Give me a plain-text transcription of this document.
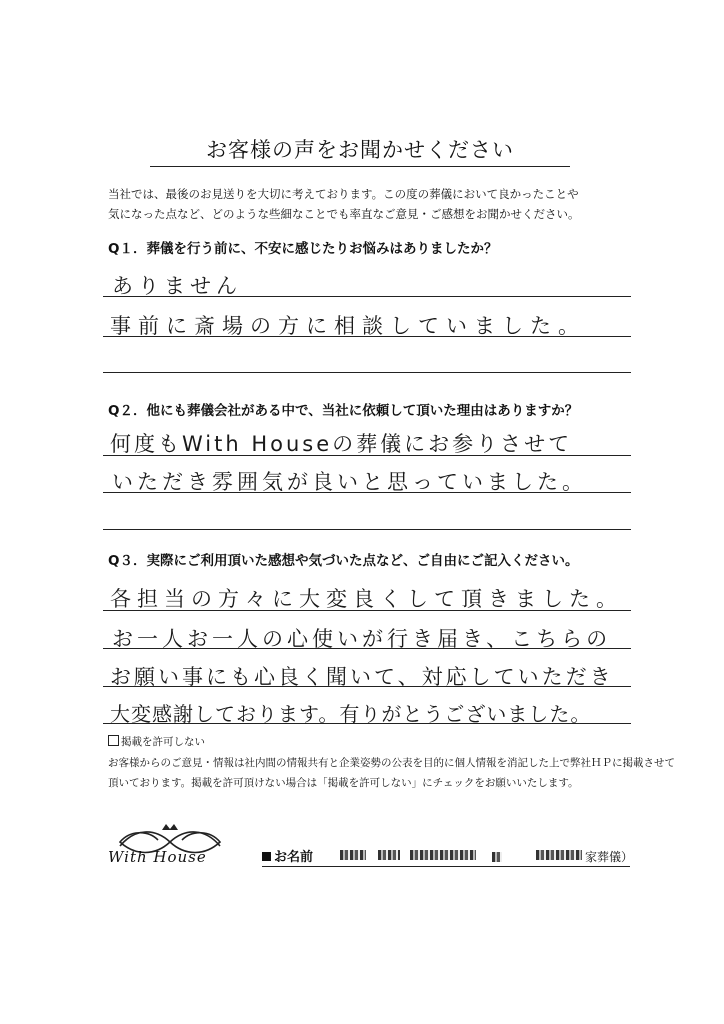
お客様の声をお聞かせください
当社では、最後のお見送りを大切に考えております。この度の葬儀において良かったことや
気になった点など、どのような些細なことでも率直なご意見・ご感想をお聞かせください。
Q１．葬儀を行う前に、不安に感じたりお悩みはありましたか？
ありません
事前に斎場の方に相談していました。
Q２．他にも葬儀会社がある中で、当社に依頼して頂いた理由はありますか？
何度もWith Houseの葬儀にお参りさせて
いただき雰囲気が良いと思っていました。
Q３．実際にご利用頂いた感想や気づいた点など、ご自由にご記入ください。
各担当の方々に大変良くして頂きました。
お一人お一人の心使いが行き届き、こちらの
お願い事にも心良く聞いて、対応していただき
大変感謝しております。有りがとうございました。
掲載を許可しない
お客様からのご意見・情報は社内間の情報共有と企業姿勢の公表を目的に個人情報を消記した上で弊社ＨＰに掲載させて
頂いております。掲載を許可頂けない場合は「掲載を許可しない」にチェックをお願いいたします。
With House	お名前	家葬儀）
